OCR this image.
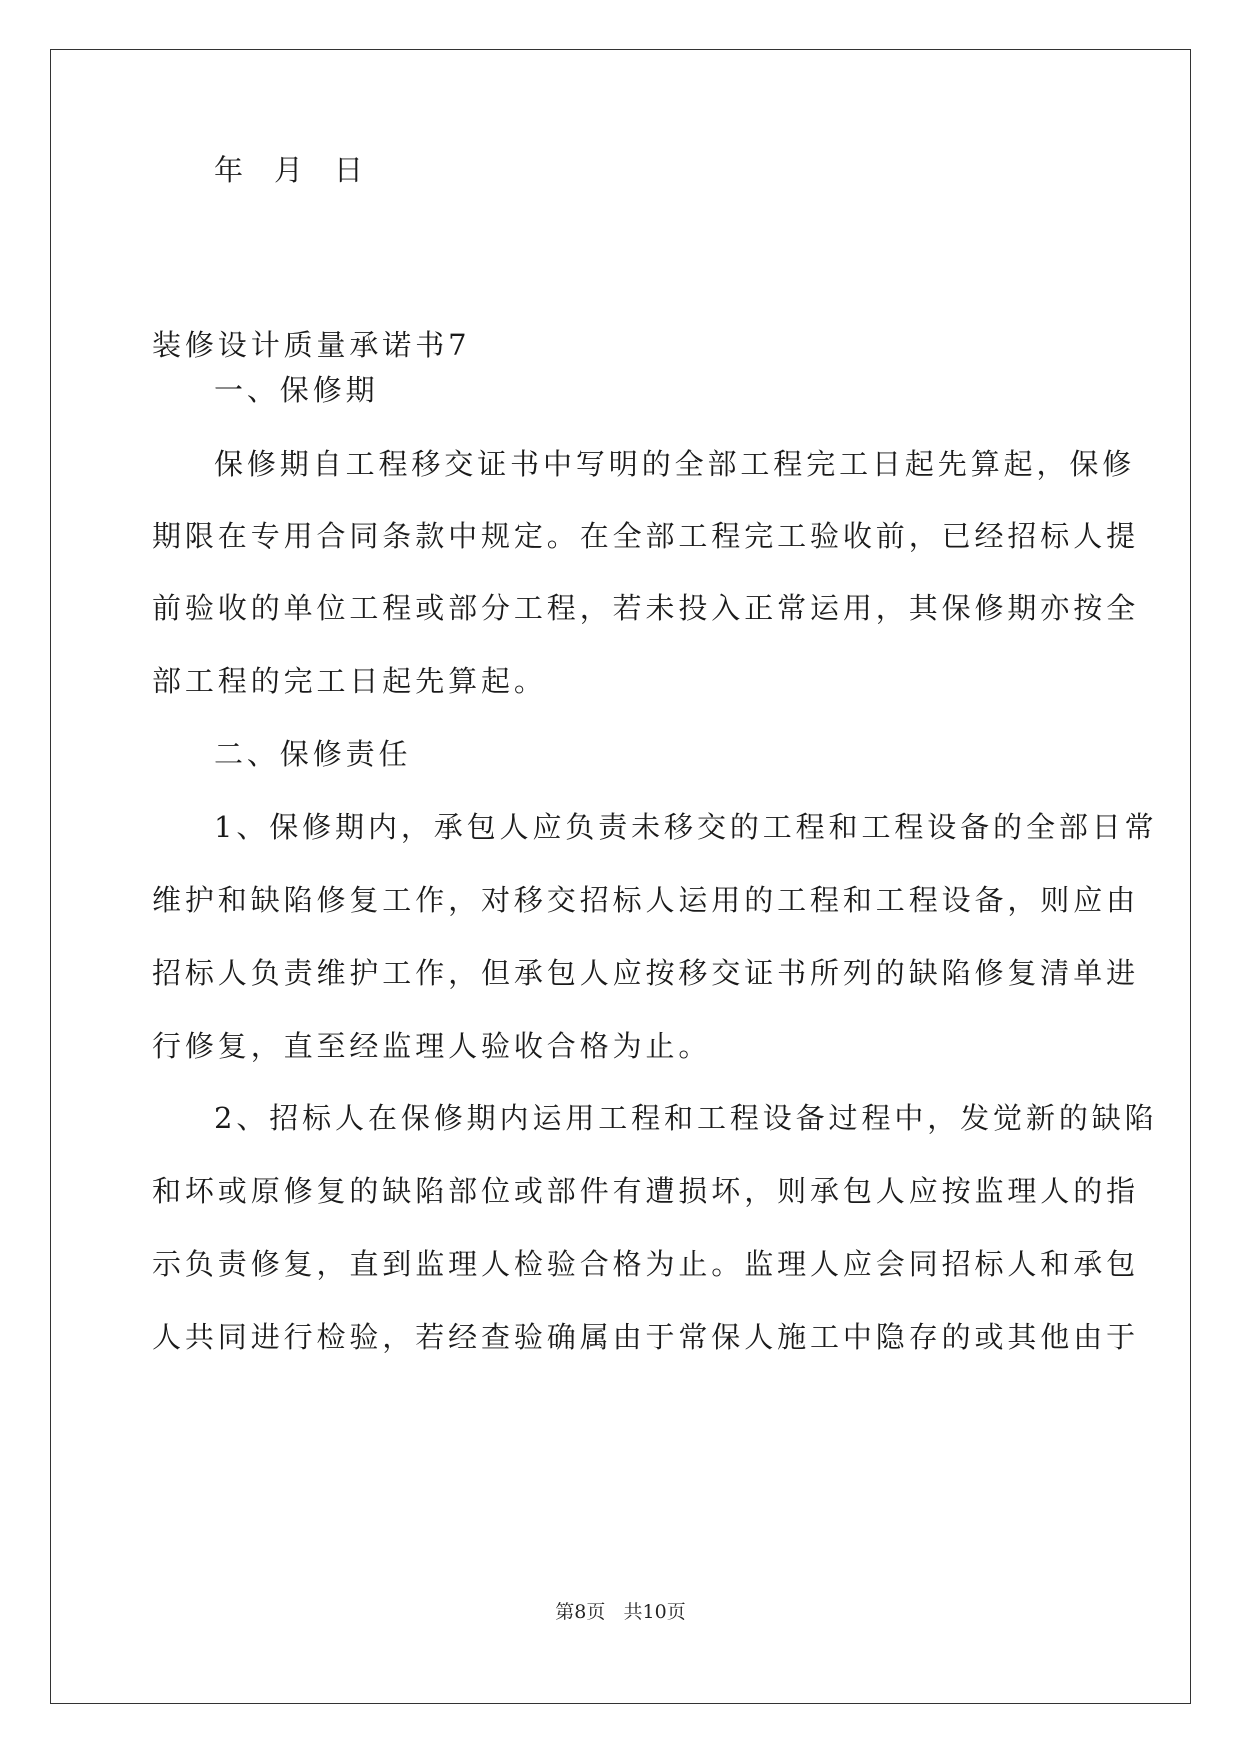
年 月 日
装修设计质量承诺书7
一、保修期
保修期自工程移交证书中写明的全部工程完工日起先算起，保修
期限在专用合同条款中规定。在全部工程完工验收前，已经招标人提
前验收的单位工程或部分工程，若未投入正常运用，其保修期亦按全
部工程的完工日起先算起。
二、保修责任
1、保修期内，承包人应负责未移交的工程和工程设备的全部日常
维护和缺陷修复工作，对移交招标人运用的工程和工程设备，则应由
招标人负责维护工作，但承包人应按移交证书所列的缺陷修复清单进
行修复，直至经监理人验收合格为止。
2、招标人在保修期内运用工程和工程设备过程中，发觉新的缺陷
和坏或原修复的缺陷部位或部件有遭损坏，则承包人应按监理人的指
示负责修复，直到监理人检验合格为止。监理人应会同招标人和承包
人共同进行检验，若经查验确属由于常保人施工中隐存的或其他由于
第8页 共10页
